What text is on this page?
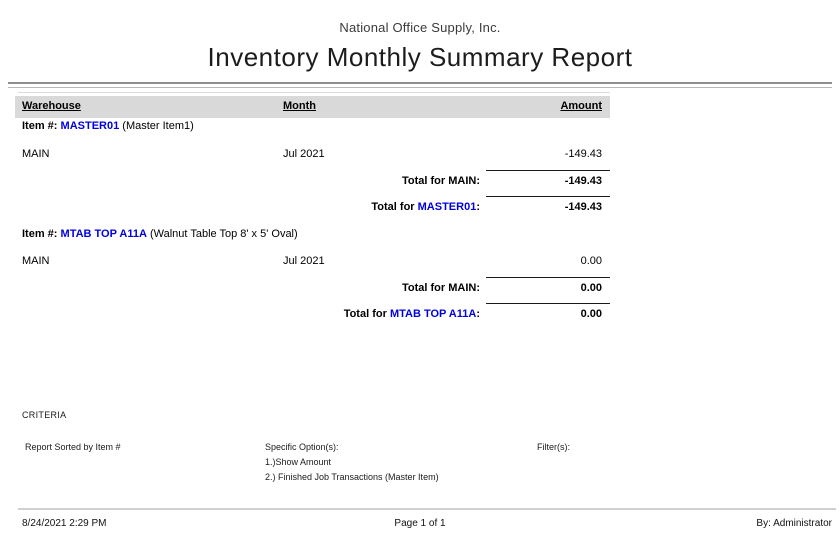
National Office Supply, Inc.
Inventory Monthly Summary Report
Warehouse	Month	Amount
Item #: MASTER01 (Master Item1)
MAIN	Jul 2021	-149.43
Total for MAIN:	-149.43
Total for MASTER01:	-149.43
Item #: MTAB TOP A11A (Walnut Table Top 8' x 5' Oval)
MAIN	Jul 2021	0.00
Total for MAIN:	0.00
Total for MTAB TOP A11A:	0.00
CRITERIA
Report Sorted by Item #	Specific Option(s):
1.)Show Amount
2.) Finished Job Transactions (Master Item)
Filter(s):
8/24/2021 2:29 PM	Page 1 of 1	By: Administrator
